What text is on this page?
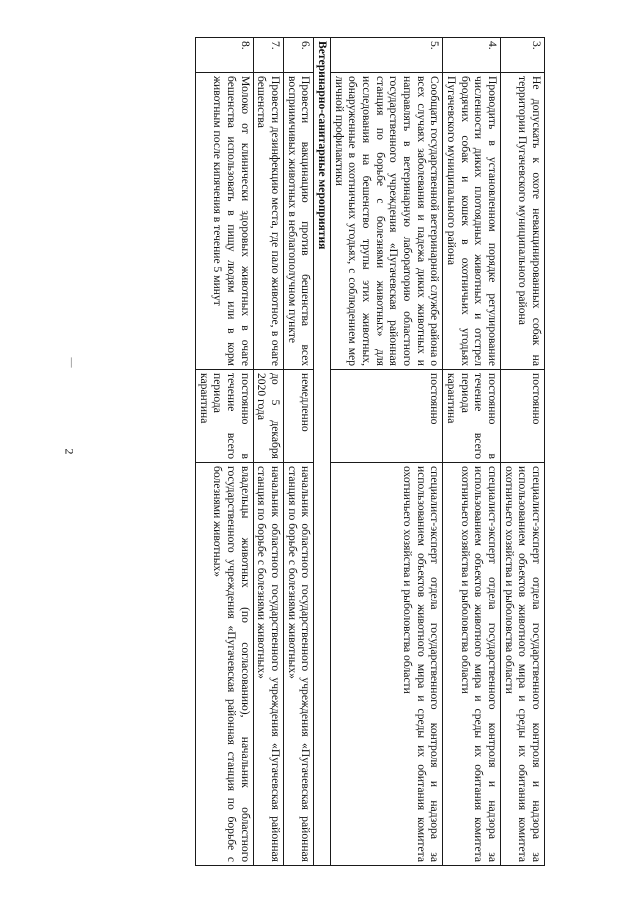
—
2
3.	Не допускать к охоте невакцинированных собак на территории Пугачевского муниципального района	постоянно	специалист-эксперт отдела государственного контроля и надзора за использованием объектов животного мира и среды их обитания комитета охотничьего хозяйства и рыболовства области
4.	Проводить в установленном порядке регулирование численности диких плотоядных животных и отстрел бродячих собак и кошек в охотничьих угодьях Пугачевского муниципального района	постоянно в течение всего периода карантина	специалист-эксперт отдела государственного контроля и надзора за использованием объектов животного мира и среды их обитания комитета охотничьего хозяйства и рыболовства области
5.	Сообщать государственной ветеринарной службе района о всех случаях заболевания и падежа диких животных и направлять в ветеринарную лабораторию областного государственного учреждения «Пугачевская районная станция по борьбе с болезнями животных» для исследования на бешенство трупы этих животных, обнаруженные в охотничьих угодьях, с соблюдением мер личной профилактики	постоянно	специалист-эксперт отдела государственного контроля и надзора за использованием объектов животного мира и среды их обитания комитета охотничьего хозяйства и рыболовства области
Ветеринарно-санитарные мероприятия			
6.	Провести вакцинацию против бешенства всех восприимчивых животных в неблагополучном пункте	немедленно	начальник областного государственного учреждения «Пугачевская районная станция по борьбе с болезнями животных»
7.	Провести дезинфекцию места, где пало животное, в очаге бешенства	до 5 декабря 2020 года	начальник областного государственного учреждения «Пугачевская районная станция по борьбе с болезнями животных»
8.	Молоко от клинически здоровых животных в очаге бешенства использовать в пищу людям или в корм животным после кипячения в течение 5 минут	постоянно в течение всего периода карантина	владельцы животных (по согласованию), начальник областного государственного учреждения «Пугачевская районная станция по борьбе с болезнями животных»
